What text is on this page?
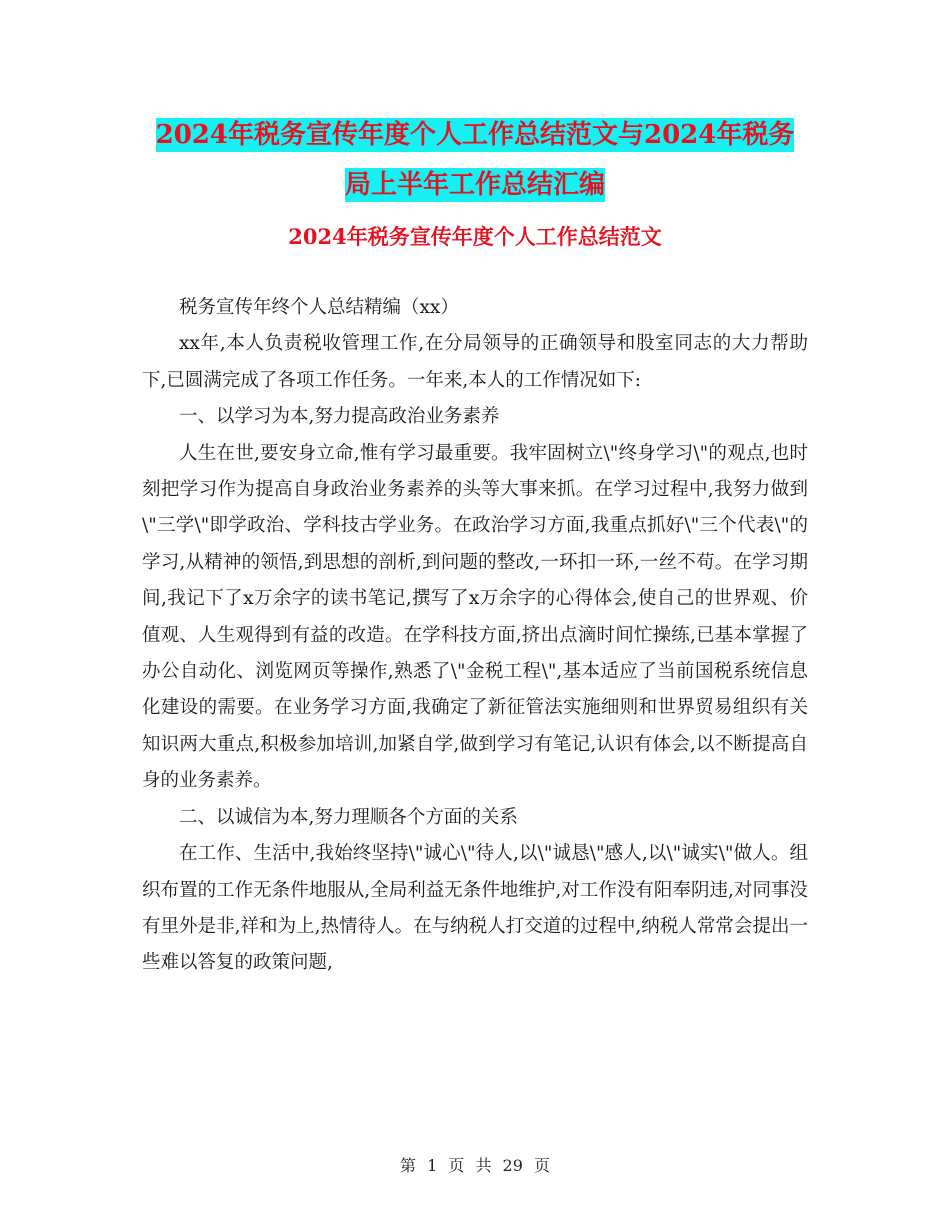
2024年税务宣传年度个人工作总结范文与2024年税务
局上半年工作总结汇编
2024年税务宣传年度个人工作总结范文

税务宣传年终个人总结精编（xx）

xx年,本人负责税收管理工作,在分局领导的正确领导和股室同志的大力帮助下,已圆满完成了各项工作任务。一年来,本人的工作情况如下:

一、以学习为本,努力提高政治业务素养

人生在世,要安身立命,惟有学习最重要。我牢固树立\"终身学习\"的观点,也时刻把学习作为提高自身政治业务素养的头等大事来抓。在学习过程中,我努力做到\"三学\"即学政治、学科技古学业务。在政治学习方面,我重点抓好\"三个代表\"的学习,从精神的领悟,到思想的剖析,到问题的整改,一环扣一环,一丝不苟。在学习期间,我记下了x万余字的读书笔记,撰写了x万余字的心得体会,使自己的世界观、价值观、人生观得到有益的改造。在学科技方面,挤出点滴时间忙操练,已基本掌握了办公自动化、浏览网页等操作,熟悉了\"金税工程\",基本适应了当前国税系统信息化建设的需要。在业务学习方面,我确定了新征管法实施细则和世界贸易组织有关知识两大重点,积极参加培训,加紧自学,做到学习有笔记,认识有体会,以不断提高自身的业务素养。

二、以诚信为本,努力理顺各个方面的关系

在工作、生活中,我始终坚持\"诚心\"待人,以\"诚恳\"感人,以\"诚实\"做人。组织布置的工作无条件地服从,全局利益无条件地维护,对工作没有阳奉阴违,对同事没有里外是非,祥和为上,热情待人。在与纳税人打交道的过程中,纳税人常常会提出一些难以答复的政策问题,

第 1 页 共 29 页
